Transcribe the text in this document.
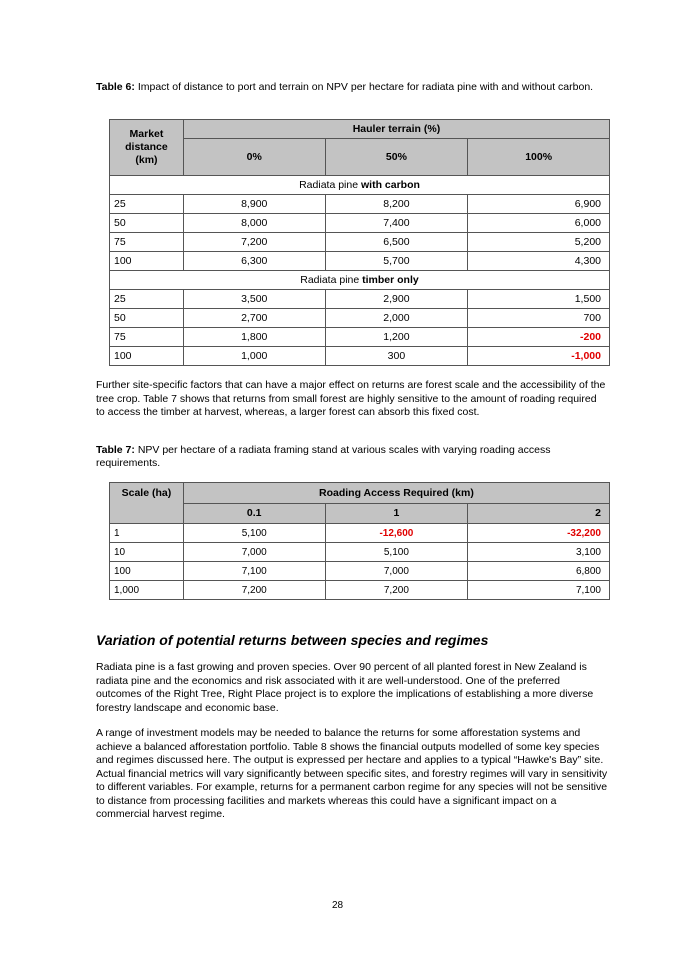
Table 6: Impact of distance to port and terrain on NPV per hectare for radiata pine with and without carbon.

Market
distance
(km)	Hauler terrain (%)		
	0%	50%	100%
Radiata pine with carbon			
25	8,900	8,200	6,900
50	8,000	7,400	6,000
75	7,200	6,500	5,200
100	6,300	5,700	4,300
Radiata pine timber only			
25	3,500	2,900	1,500
50	2,700	2,000	700
75	1,800	1,200	-200
100	1,000	300	-1,000

Further site-specific factors that can have a major effect on returns are forest scale and the accessibility of the tree crop. Table 7 shows that returns from small forest are highly sensitive to the amount of roading required to access the timber at harvest, whereas, a larger forest can absorb this fixed cost.

Table 7: NPV per hectare of a radiata framing stand at various scales with varying roading access requirements.

Scale (ha)	Roading Access Required (km)		
	0.1	1	2
1	5,100	-12,600	-32,200
10	7,000	5,100	3,100
100	7,100	7,000	6,800
1,000	7,200	7,200	7,100
Variation of potential returns between species and regimes

Radiata pine is a fast growing and proven species. Over 90 percent of all planted forest in New Zealand is radiata pine and the economics and risk associated with it are well-understood. One of the preferred outcomes of the Right Tree, Right Place project is to explore the implications of establishing a more diverse forestry landscape and economic base.

A range of investment models may be needed to balance the returns for some afforestation systems and achieve a balanced afforestation portfolio. Table 8 shows the financial outputs modelled of some key species and regimes discussed here. The output is expressed per hectare and applies to a typical “Hawke's Bay” site. Actual financial metrics will vary significantly between specific sites, and forestry regimes will vary in sensitivity to different variables. For example, returns for a permanent carbon regime for any species will not be sensitive to distance from processing facilities and markets whereas this could have a significant impact on a commercial harvest regime.

28
